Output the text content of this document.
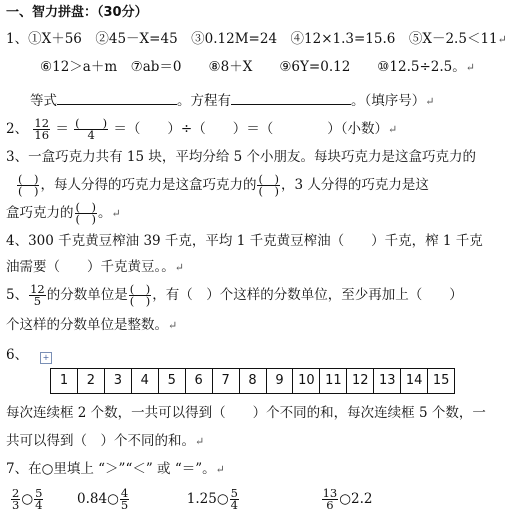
一、智力拼盘：（30分）
1、①X＋56　②45－X=45　③0.12M=24　④12×1.3=15.6　⑤X－2.5＜11↵
⑥12＞a＋m　⑦ab＝0　　⑧8＋X　　⑨6Y=0.12　　⑩12.5÷2.5。↵
等式	。方程有	。（填序号）↵
2、 $\frac{12}{16} = \frac{( )}{4}$ ＝（　　）÷（　　）＝（　　　　）（小数）↵
3、一盒巧克力共有 15 块，平均分给 5 个小朋友。每块巧克力是这盒巧克力的
$\frac{( )}{( )}$ ，每人分得的巧克力是这盒巧克力的 $\frac{( )}{( )}$ ，3 人分得的巧克力是这
盒巧克力的 $\frac{( )}{( )}$ 。↵
4、300 千克黄豆榨油 39 千克，平均 1 千克黄豆榨油（　　）千克，榨 1 千克
油需要（　　）千克黄豆。。↵
5、 $\frac{12}{5}$ 的分数单位是 $\frac{( )}{( )}$ ，有（　）个这样的分数单位，至少再加上（　　）
个这样的分数单位是整数。↵
6、	+
1	2	3	4	5	6	7	8	9	10 11 12 13 14 15
每次连续框 2 个数，一共可以得到（　　）个不同的和，每次连续框 5 个数，一
共可以得到（　）个不同的和。↵
7、在○里填上 “＞”“＜” 或 “＝”。↵
$\frac{2}{3}$ ○ $\frac{5}{4}$ 0.84○ $\frac{4}{5}$	1.25○ $\frac{5}{4}$
	$\frac{13}{6}$ ○2.2
